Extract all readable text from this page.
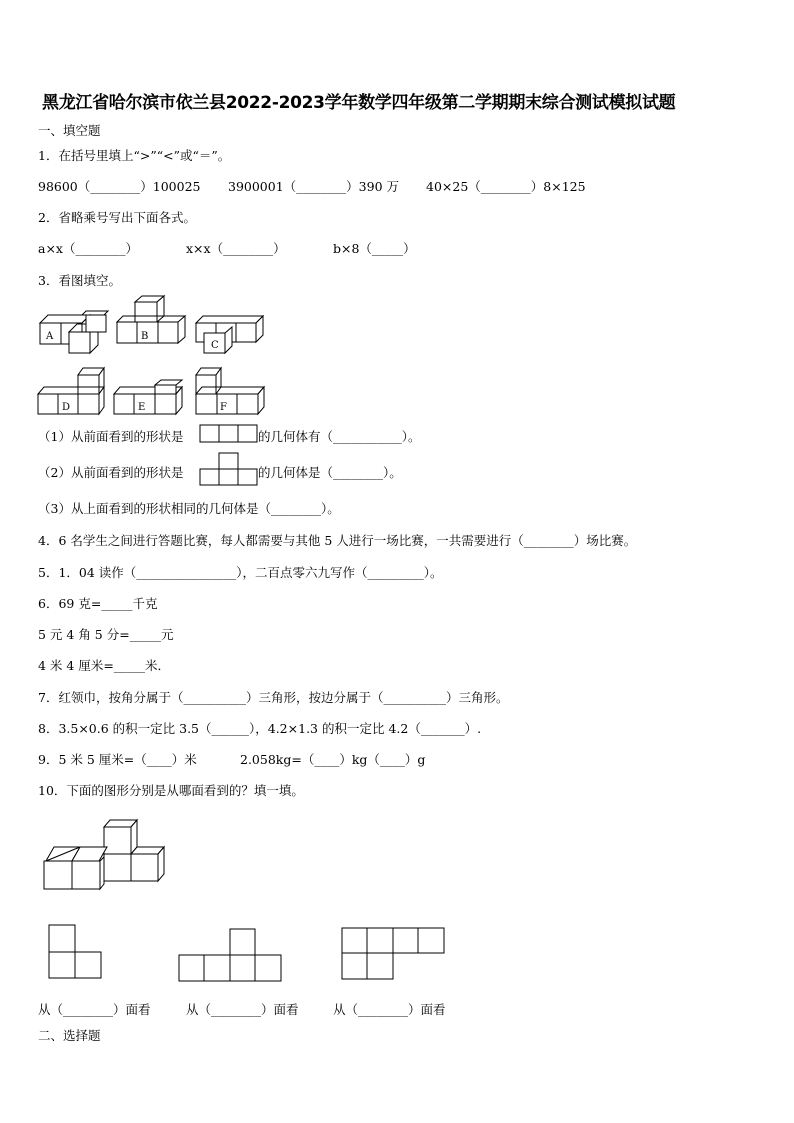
黑龙江省哈尔滨市依兰县2022-2023学年数学四年级第二学期期末综合测试模拟试题
一、填空题
1．在括号里填上“>”“<”或“＝”。
98600（________）100025 3900001（________）390 万 40×25（________）8×125
2．省略乘号写出下面各式。
a×x（________）	x×x（________）	b×8（_____）
3．看图填空。
A	B
C
D	E	F
（1）从前面看到的形状是	的几何体有（___________）。
（2）从前面看到的形状是	的几何体是（________）。
（3）从上面看到的形状相同的几何体是（________）。
4．6 名学生之间进行答题比赛，每人都需要与其他 5 人进行一场比赛，一共需要进行（________）场比赛。
5．1．04 读作（________________），二百点零六九写作（_________）。
6．69 克=_____千克
5 元 4 角 5 分=_____元
4 米 4 厘米=_____米．
7．红领巾，按角分属于（__________）三角形，按边分属于（__________）三角形。
8．3.5×0.6 的积一定比 3.5（______），4.2×1.3 的积一定比 4.2（_______）.
9．5 米 5 厘米=（____）米	2.058kg=（____）kg（____）g
10．下面的图形分别是从哪面看到的？填一填。
从（________）面看	从（________）面看	从（________）面看
二、选择题
